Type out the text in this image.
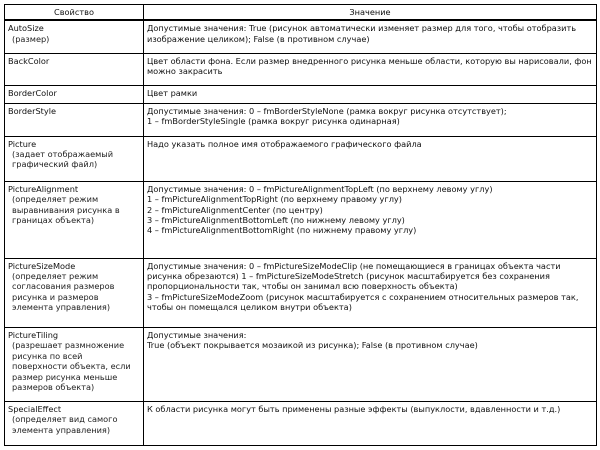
Свойство	Значение

AutoSize
(размер)	Допустимые значения: True (рисунок автоматически изменяет размер для того, чтобы отобразить изображение целиком); False (в противном случае)

BackColor	Цвет области фона. Если размер внедренного рисунка меньше области, которую вы нарисовали, фон можно закрасить

BorderColor	Цвет рамки

BorderStyle	Допустимые значения: 0 – fmBorderStyleNone (рамка вокруг рисунка отсутствует);
1 – fmBorderStyleSingle (рамка вокруг рисунка одинарная)

Picture
(задает отображаемый графический файл)	Надо указать полное имя отображаемого графического файла

PictureAlignment
(определяет режим выравнивания рисунка в границах объекта)	Допустимые значения: 0 – fmPictureAlignmentTopLeft (по верхнему левому углу)
1 – fmPictureAlignmentTopRight (по верхнему правому углу)
2 – fmPictureAlignmentCenter (по центру)
3 – fmPictureAlignmentBottomLeft (по нижнему левому углу)
4 – fmPictureAlignmentBottomRight (по нижнему правому углу)

PictureSizeMode
(определяет режим согласования размеров рисунка и размеров элемента управления)	Допустимые значения: 0 – fmPictureSizeModeClip (не помещающиеся в границах объекта части рисунка обрезаются) 1 – fmPictureSizeModeStretch (рисунок масштабируется без сохранения пропорциональности так, чтобы он занимал всю поверхность объекта)
3 – fmPictureSizeModeZoom (рисунок масштабируется с сохранением относительных размеров так, чтобы он помещался целиком внутри объекта)

PictureTiling
(разрешает размножение рисунка по всей поверхности объекта, если размер рисунка меньше размеров объекта)	Допустимые значения:
True (объект покрывается мозаикой из рисунка); False (в противном случае)

SpecialEffect
(определяет вид самого элемента управления)	К области рисунка могут быть применены разные эффекты (выпуклости, вдавленности и т.д.)
